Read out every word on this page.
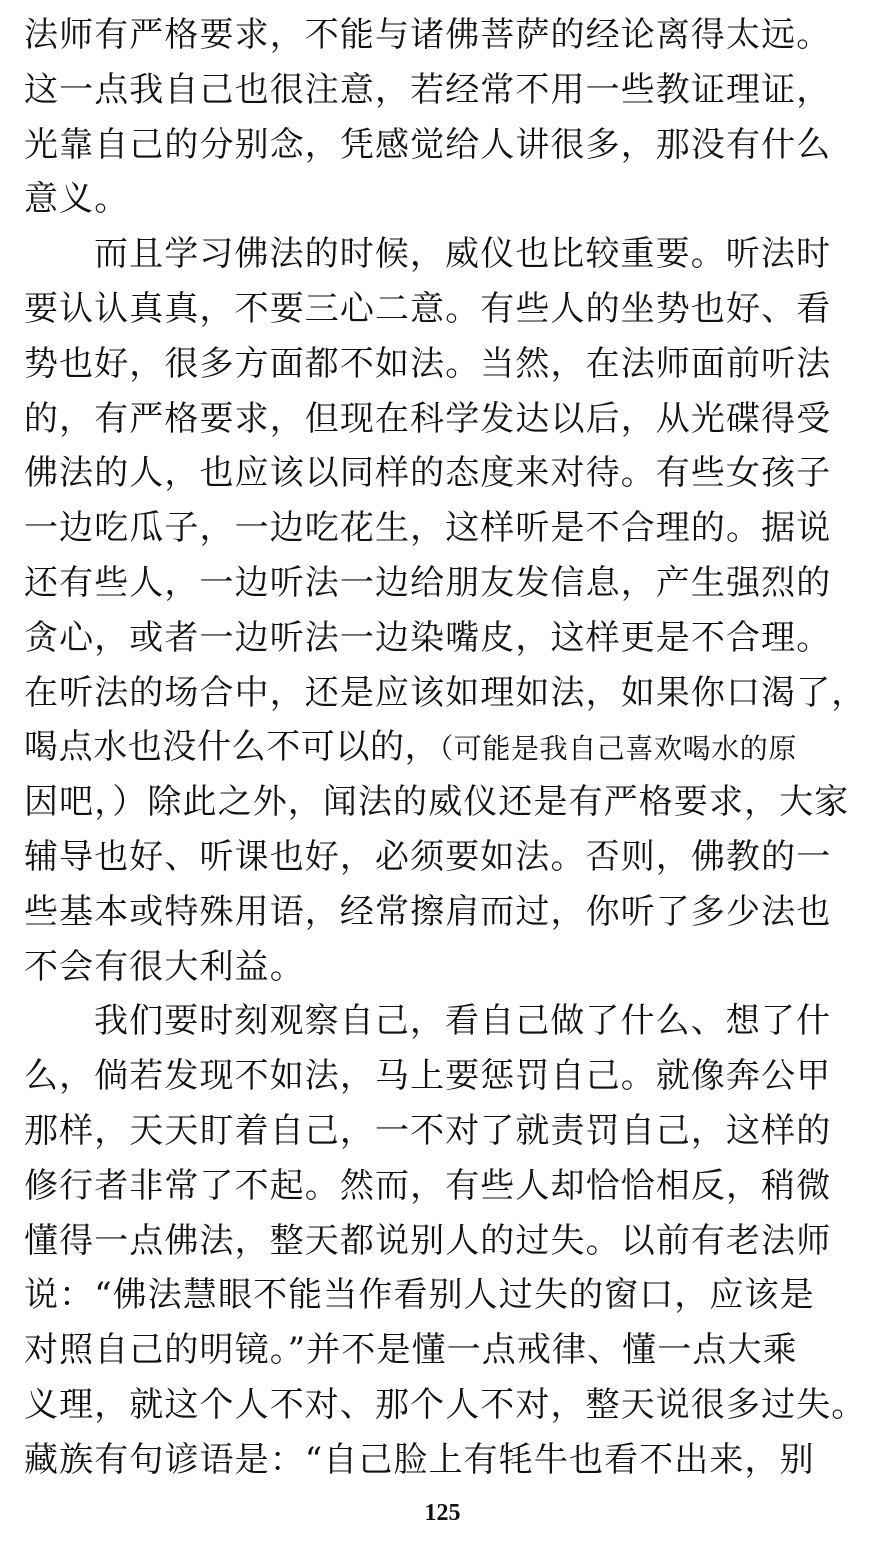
法师有严格要求，不能与诸佛菩萨的经论离得太远。
这一点我自己也很注意，若经常不用一些教证理证，
光靠自己的分别念，凭感觉给人讲很多，那没有什么
意义。
而且学习佛法的时候，威仪也比较重要。听法时
要认认真真，不要三心二意。有些人的坐势也好、看
势也好，很多方面都不如法。当然，在法师面前听法
的，有严格要求，但现在科学发达以后，从光碟得受
佛法的人，也应该以同样的态度来对待。有些女孩子
一边吃瓜子，一边吃花生，这样听是不合理的。据说
还有些人，一边听法一边给朋友发信息，产生强烈的
贪心，或者一边听法一边染嘴皮，这样更是不合理。
在听法的场合中，还是应该如理如法，如果你口渴了，
喝点水也没什么不可以的，（可能是我自己喜欢喝水的原
因吧，）除此之外，闻法的威仪还是有严格要求，大家
辅导也好、听课也好，必须要如法。否则，佛教的一
些基本或特殊用语，经常擦肩而过，你听了多少法也
不会有很大利益。
我们要时刻观察自己，看自己做了什么、想了什
么，倘若发现不如法，马上要惩罚自己。就像奔公甲
那样，天天盯着自己，一不对了就责罚自己，这样的
修行者非常了不起。然而，有些人却恰恰相反，稍微
懂得一点佛法，整天都说别人的过失。以前有老法师
说：“佛法慧眼不能当作看别人过失的窗口，应该是
对照自己的明镜。”并不是懂一点戒律、懂一点大乘
义理，就这个人不对、那个人不对，整天说很多过失。
藏族有句谚语是：“自己脸上有牦牛也看不出来，别
125
